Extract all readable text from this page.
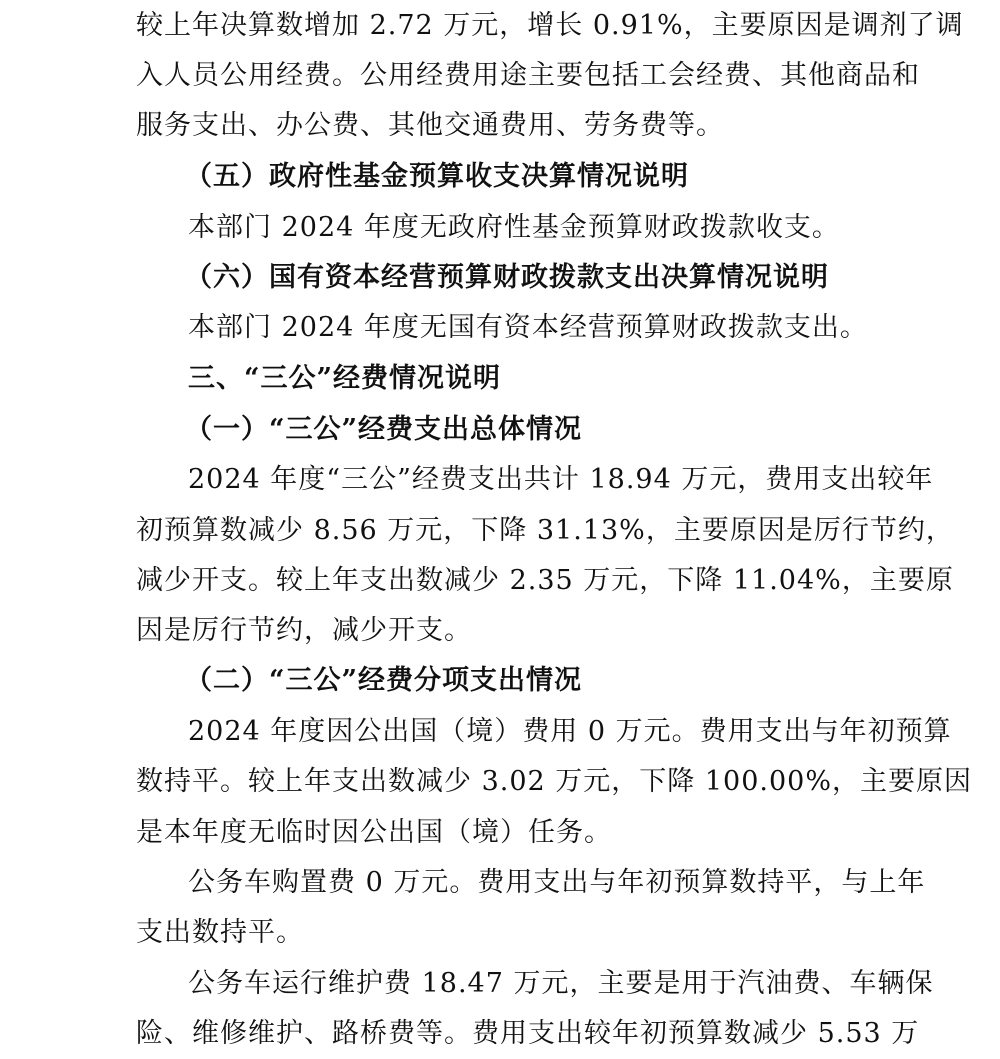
较上年决算数增加 2.72 万元，增长 0.91%，主要原因是调剂了调
入人员公用经费。公用经费用途主要包括工会经费、其他商品和
服务支出、办公费、其他交通费用、劳务费等。
（五）政府性基金预算收支决算情况说明
本部门 2024 年度无政府性基金预算财政拨款收支。
（六）国有资本经营预算财政拨款支出决算情况说明
本部门 2024 年度无国有资本经营预算财政拨款支出。
三、“三公”经费情况说明
（一）“三公”经费支出总体情况
2024 年度“三公”经费支出共计 18.94 万元，费用支出较年
初预算数减少 8.56 万元，下降 31.13%，主要原因是厉行节约，
减少开支。较上年支出数减少 2.35 万元，下降 11.04%，主要原
因是厉行节约，减少开支。
（二）“三公”经费分项支出情况
2024 年度因公出国（境）费用 0 万元。费用支出与年初预算
数持平。较上年支出数减少 3.02 万元，下降 100.00%，主要原因
是本年度无临时因公出国（境）任务。
公务车购置费 0 万元。费用支出与年初预算数持平，与上年
支出数持平。
公务车运行维护费 18.47 万元，主要是用于汽油费、车辆保
险、维修维护、路桥费等。费用支出较年初预算数减少 5.53 万
